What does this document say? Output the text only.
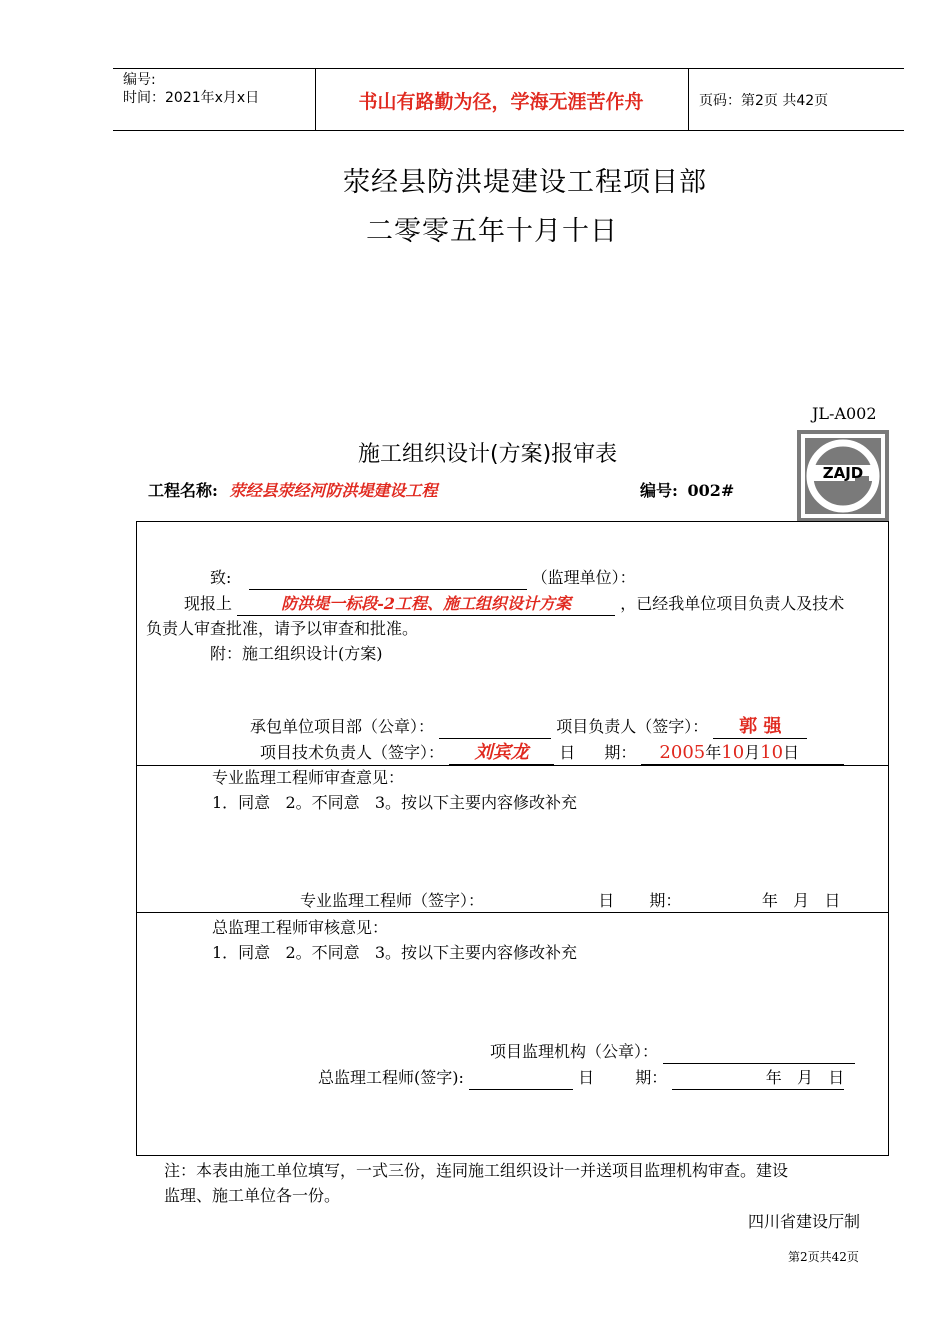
编号:
时间：2021年x月x日	书山有路勤为径，学海无涯苦作舟	页码：第2页 共42页
荥经县防洪堤建设工程项目部
二零零五年十月十日
JL-A002
施工组织设计(方案)报审表
ZAJD
工程名称: 荥经县荥经河防洪堤建设工程	编号: 002#
致:	（监理单位）：
现报上	防洪堤一标段-2工程、施工组织设计方案	，已经我单位项目负责人及技术
负责人审查批准，请予以审查和批准。
附：施工组织设计(方案)
承包单位项目部（公章）：	项目负责人（签字）： 郭 强
项目技术负责人（签字）： 刘宾龙 日 期： 2005年10月10日
专业监理工程师审查意见：
1．同意   2。不同意   3。按以下主要内容修改补充
专业监理工程师（签字）：	日 期：	年   月   日
总监理工程师审核意见：
1．同意   2。不同意   3。按以下主要内容修改补充
项目监理机构（公章）：
总监理工程师(签字):	日	期：	年   月   日
注：本表由施工单位填写，一式三份，连同施工组织设计一并送项目监理机构审查。建设
监理、施工单位各一份。
四川省建设厅制
第2页共42页
